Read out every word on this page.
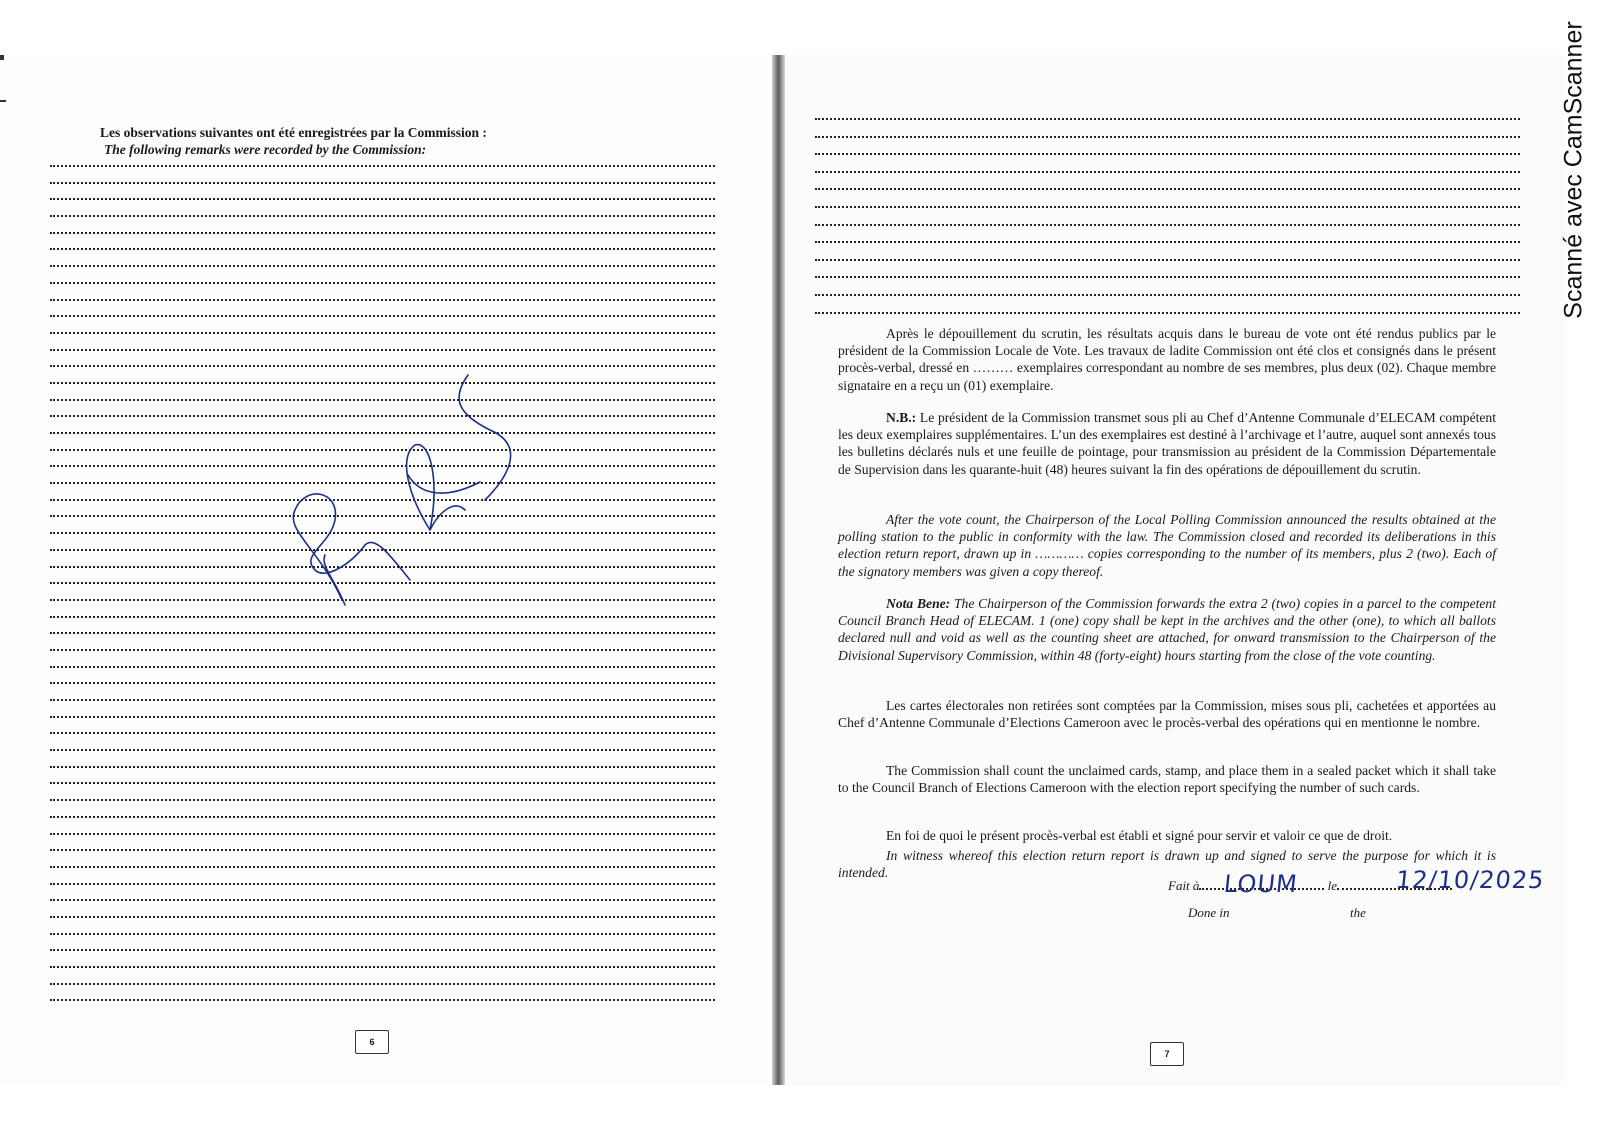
Scanné avec CamScanner
Les observations suivantes ont été enregistrées par la Commission :
The following remarks were recorded by the Commission:

Après le dépouillement du scrutin, les résultats acquis dans le bureau de vote ont été rendus publics par le président de la Commission Locale de Vote. Les travaux de ladite Commission ont été clos et consignés dans le présent procès-verbal, dressé en ……… exemplaires correspondant au nombre de ses membres, plus deux (02). Chaque membre signataire en a reçu un (01) exemplaire.

N.B.: Le président de la Commission transmet sous pli au Chef d’Antenne Communale d’ELECAM compétent les deux exemplaires supplémentaires. L’un des exemplaires est destiné à l’archivage et l’autre, auquel sont annexés tous les bulletins déclarés nuls et une feuille de pointage, pour transmission au président de la Commission Départementale de Supervision dans les quarante-huit (48) heures suivant la fin des opérations de dépouillement du scrutin.

After the vote count, the Chairperson of the Local Polling Commission announced the results obtained at the polling station to the public in conformity with the law. The Commission closed and recorded its deliberations in this election return report, drawn up in ………… copies corresponding to the number of its members, plus 2 (two). Each of the signatory members was given a copy thereof.

Nota Bene: The Chairperson of the Commission forwards the extra 2 (two) copies in a parcel to the competent Council Branch Head of ELECAM. 1 (one) copy shall be kept in the archives and the other (one), to which all ballots declared null and void as well as the counting sheet are attached, for onward transmission to the Chairperson of the Divisional Supervisory Commission, within 48 (forty-eight) hours starting from the close of the vote counting.

Les cartes électorales non retirées sont comptées par la Commission, mises sous pli, cachetées et apportées au Chef d’Antenne Communale d’Elections Cameroon avec le procès-verbal des opérations qui en mentionne le nombre.

The Commission shall count the unclaimed cards, stamp, and place them in a sealed packet which it shall take to the Council Branch of Elections Cameroon with the election report specifying the number of such cards.

En foi de quoi le présent procès-verbal est établi et signé pour servir et valoir ce que de droit.

In witness whereof this election return report is drawn up and signed to serve the purpose for which it is intended.

Fait à	le
LOUM	12/10/2025
Done in	the
6
7
